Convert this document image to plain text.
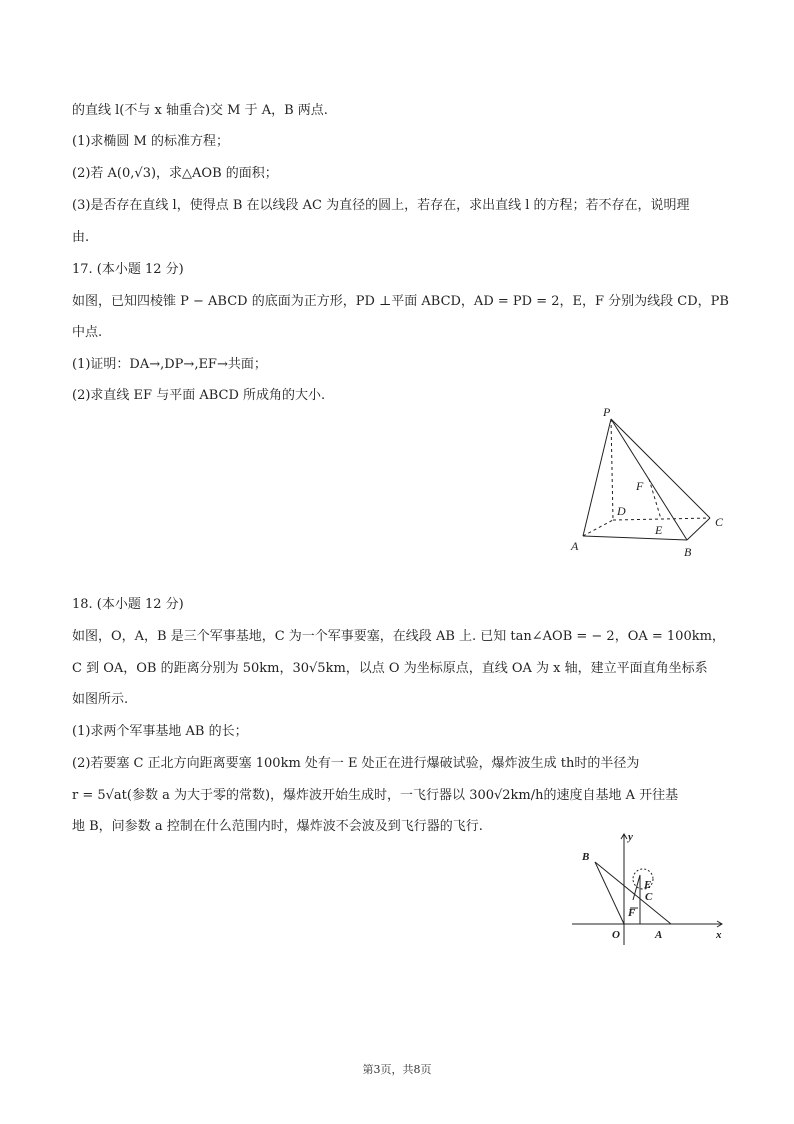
的直线 l(不与 x 轴重合)交 M 于 A，B 两点.
(1)求椭圆 M 的标准方程；
(2)若 A(0,√3)，求△AOB 的面积；
(3)是否存在直线 l，使得点 B 在以线段 AC 为直径的圆上，若存在，求出直线 l 的方程；若不存在，说明理
由.
17. (本小题 12 分)
如图，已知四棱锥 P − ABCD 的底面为正方形，PD ⊥平面 ABCD，AD = PD = 2，E，F 分别为线段 CD，PB
中点.
(1)证明：DA→,DP→,EF→共面；
(2)求直线 EF 与平面 ABCD 所成角的大小.
P
F
D
C
E
A	B
18. (本小题 12 分)
如图，O，A，B 是三个军事基地，C 为一个军事要塞，在线段 AB 上. 已知 tan∠AOB = − 2，OA = 100km，
C 到 OA，OB 的距离分别为 50km，30√5km，以点 O 为坐标原点，直线 OA 为 x 轴，建立平面直角坐标系
如图所示.
(1)求两个军事基地 AB 的长；
(2)若要塞 C 正北方向距离要塞 100km 处有一 E 处正在进行爆破试验，爆炸波生成 th时的半径为
r = 5√at(参数 a 为大于零的常数)，爆炸波开始生成时，一飞行器以 300√2km/h的速度自基地 A 开往基
地 B，问参数 a 控制在什么范围内时，爆炸波不会波及到飞行器的飞行.
B
y
E
C
F
O	A	x
第3页，共8页
